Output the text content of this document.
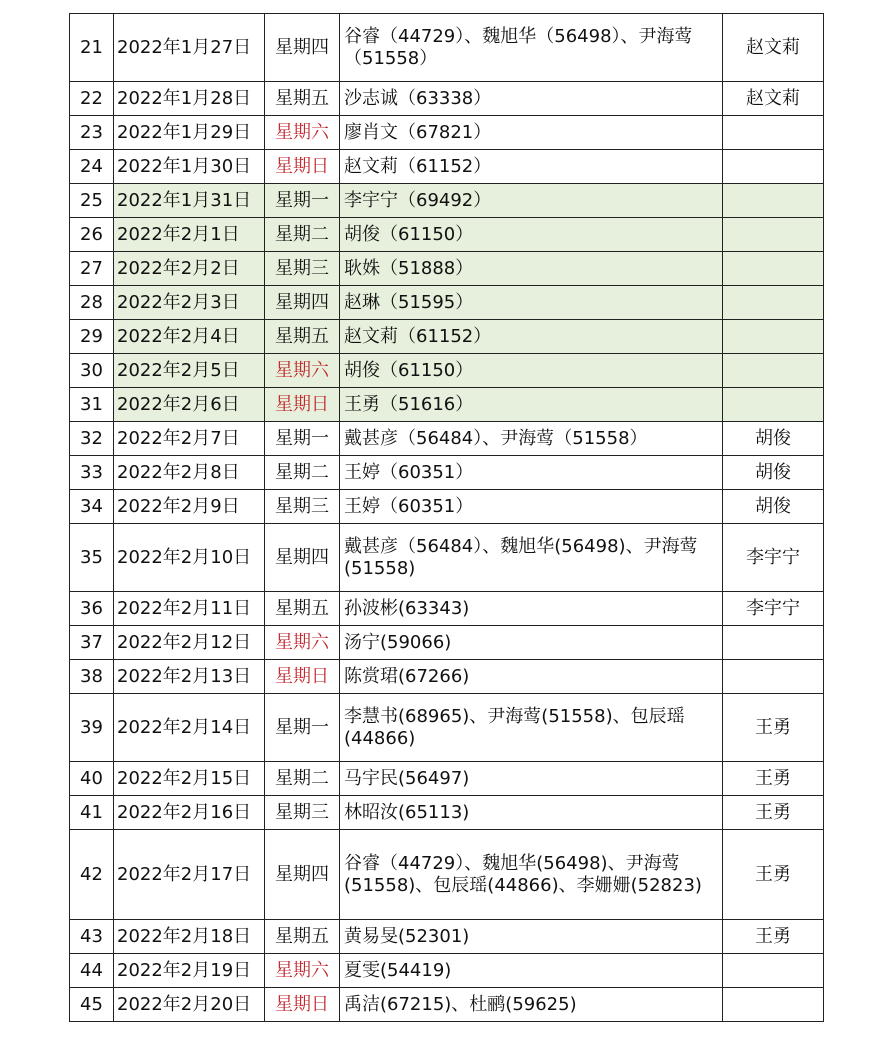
21	2022年1月27日	星期四	谷睿（44729）、魏旭华（56498）、尹海莺（51558）	赵文莉
22	2022年1月28日	星期五	沙志诚（63338）	赵文莉
23	2022年1月29日	星期六	廖肖文（67821）	
24	2022年1月30日	星期日	赵文莉（61152）	
25	2022年1月31日	星期一	李宇宁（69492）	
26	2022年2月1日	星期二	胡俊（61150）	
27	2022年2月2日	星期三	耿姝（51888）	
28	2022年2月3日	星期四	赵琳（51595）	
29	2022年2月4日	星期五	赵文莉（61152）	
30	2022年2月5日	星期六	胡俊（61150）	
31	2022年2月6日	星期日	王勇（51616）	
32	2022年2月7日	星期一	戴甚彦（56484）、尹海莺（51558）	胡俊
33	2022年2月8日	星期二	王婷（60351）	胡俊
34	2022年2月9日	星期三	王婷（60351）	胡俊
35	2022年2月10日	星期四	戴甚彦（56484）、魏旭华(56498)、尹海莺(51558)	李宇宁
36	2022年2月11日	星期五	孙波彬(63343)	李宇宁
37	2022年2月12日	星期六	汤宁(59066)	
38	2022年2月13日	星期日	陈赏珺(67266)	
39	2022年2月14日	星期一	李慧书(68965)、尹海莺(51558)、包辰瑶(44866)	王勇
40	2022年2月15日	星期二	马宇民(56497)	王勇
41	2022年2月16日	星期三	林昭汝(65113)	王勇
42	2022年2月17日	星期四	谷睿（44729）、魏旭华(56498)、尹海莺(51558)、包辰瑶(44866)、李姗姗(52823)	王勇
43	2022年2月18日	星期五	黄易旻(52301)	王勇
44	2022年2月19日	星期六	夏雯(54419)	
45	2022年2月20日	星期日	禹洁(67215)、杜鹂(59625)	
